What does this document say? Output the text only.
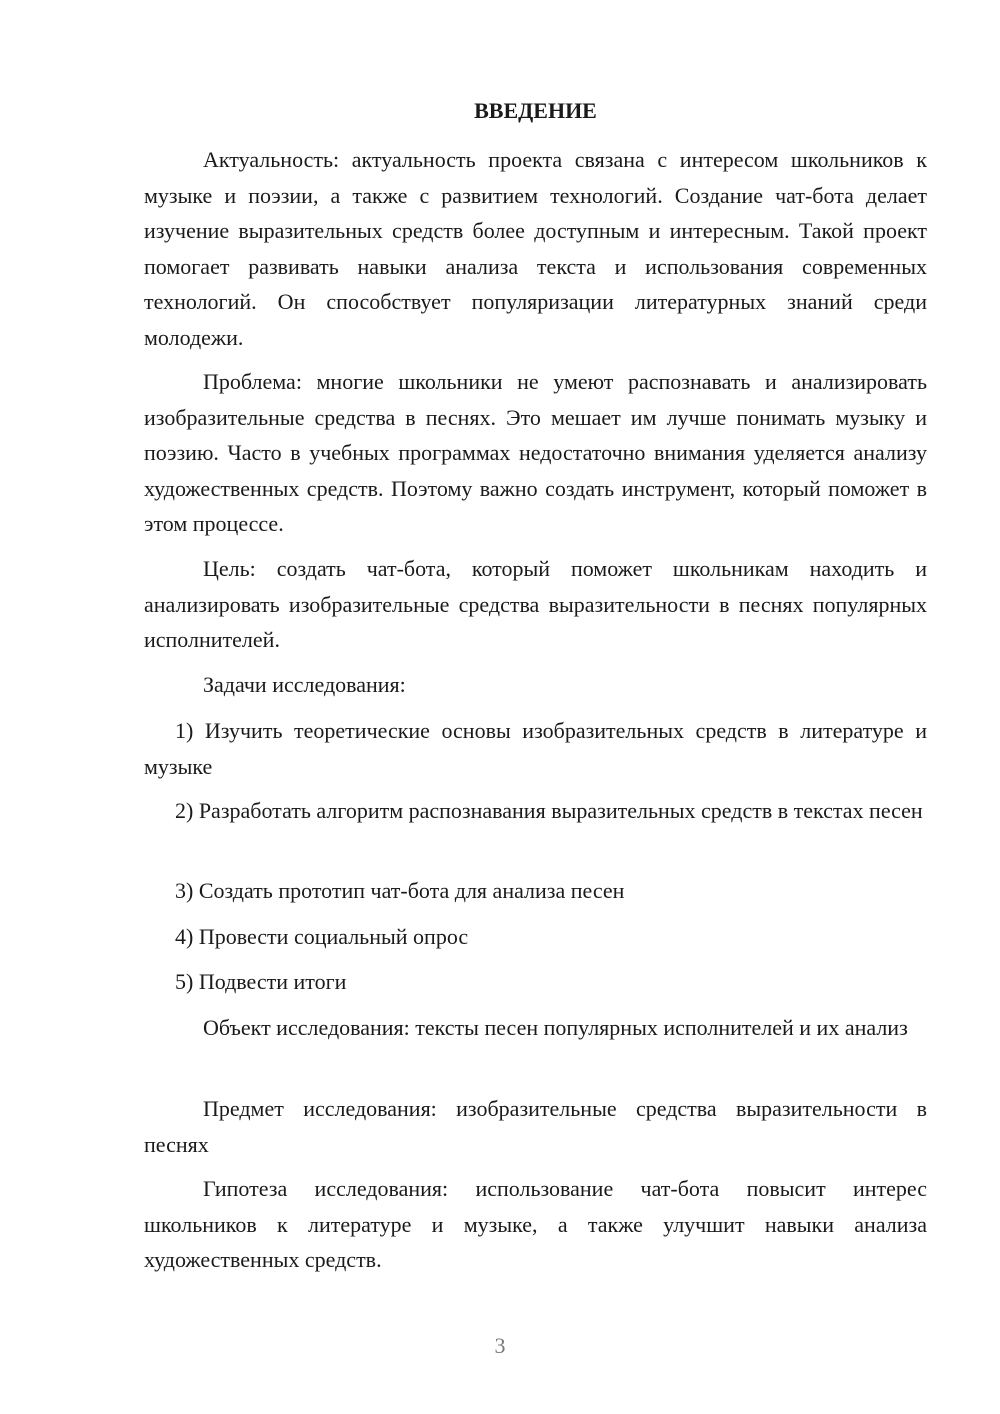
ВВЕДЕНИЕ

Актуальность: актуальность проекта связана с интересом школьников к музыке и поэзии, а также с развитием технологий. Создание чат-бота делает изучение выразительных средств более доступным и интересным. Такой проект помогает развивать навыки анализа текста и использования современных технологий. Он способствует популяризации литературных знаний среди молодежи.

Проблема: многие школьники не умеют распознавать и анализировать изобразительные средства в песнях. Это мешает им лучше понимать музыку и поэзию. Часто в учебных программах недостаточно внимания уделяется анализу художественных средств. Поэтому важно создать инструмент, который поможет в этом процессе.

Цель: создать чат-бота, который поможет школьникам находить и анализировать изобразительные средства выразительности в песнях популярных исполнителей.

Задачи исследования:

1) Изучить теоретические основы изобразительных средств в литературе и музыке

2) Разработать алгоритм распознавания выразительных средств в текстах песен

3) Создать прототип чат-бота для анализа песен

4) Провести социальный опрос

5) Подвести итоги

Объект исследования: тексты песен популярных исполнителей и их анализ

Предмет исследования: изобразительные средства выразительности в песнях

Гипотеза исследования: использование чат-бота повысит интерес школьников к литературе и музыке, а также улучшит навыки анализа художественных средств.

3
